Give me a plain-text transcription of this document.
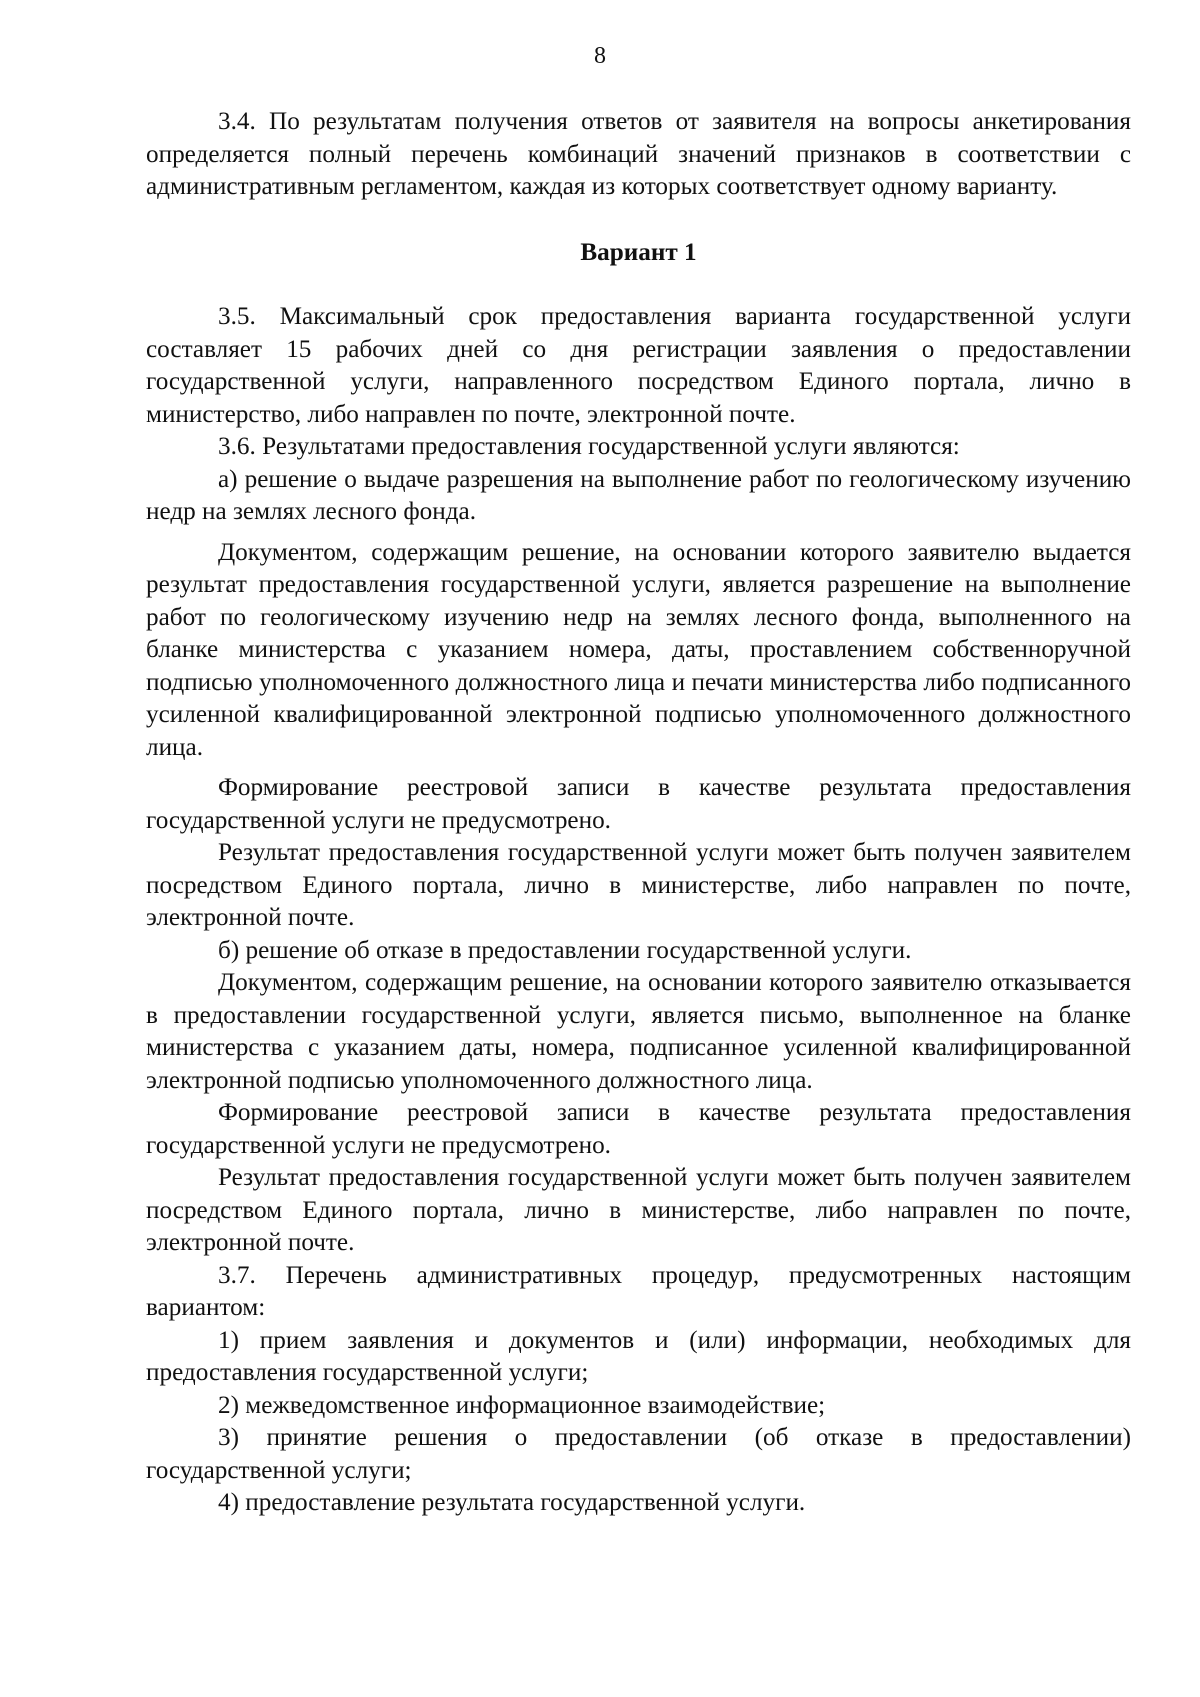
8

3.4. По результатам получения ответов от заявителя на вопросы анкетирования определяется полный перечень комбинаций значений признаков в соответствии с административным регламентом, каждая из которых соответствует одному варианту.

Вариант 1

3.5. Максимальный срок предоставления варианта государственной услуги составляет 15 рабочих дней со дня регистрации заявления о предоставлении государственной услуги, направленного посредством Единого портала, лично в министерство, либо направлен по почте, электронной почте.

3.6. Результатами предоставления государственной услуги являются:

а) решение о выдаче разрешения на выполнение работ по геологическому изучению недр на землях лесного фонда.

Документом, содержащим решение, на основании которого заявителю выдается результат предоставления государственной услуги, является разрешение на выполнение работ по геологическому изучению недр на землях лесного фонда, выполненного на бланке министерства с указанием номера, даты, проставлением собственноручной подписью уполномоченного должностного лица и печати министерства либо подписанного усиленной квалифицированной электронной подписью уполномоченного должностного лица.

Формирование реестровой записи в качестве результата предоставления государственной услуги не предусмотрено.

Результат предоставления государственной услуги может быть получен заявителем посредством Единого портала, лично в министерстве, либо направлен по почте, электронной почте.

б) решение об отказе в предоставлении государственной услуги.

Документом, содержащим решение, на основании которого заявителю отказывается в предоставлении государственной услуги, является письмо, выполненное на бланке министерства с указанием даты, номера, подписанное усиленной квалифицированной электронной подписью уполномоченного должностного лица.

Формирование реестровой записи в качестве результата предоставления государственной услуги не предусмотрено.

Результат предоставления государственной услуги может быть получен заявителем посредством Единого портала, лично в министерстве, либо направлен по почте, электронной почте.

3.7. Перечень административных процедур, предусмотренных настоящим вариантом:

1) прием заявления и документов и (или) информации, необходимых для предоставления государственной услуги;

2) межведомственное информационное взаимодействие;

3) принятие решения о предоставлении (об отказе в предоставлении) государственной услуги;

4) предоставление результата государственной услуги.
